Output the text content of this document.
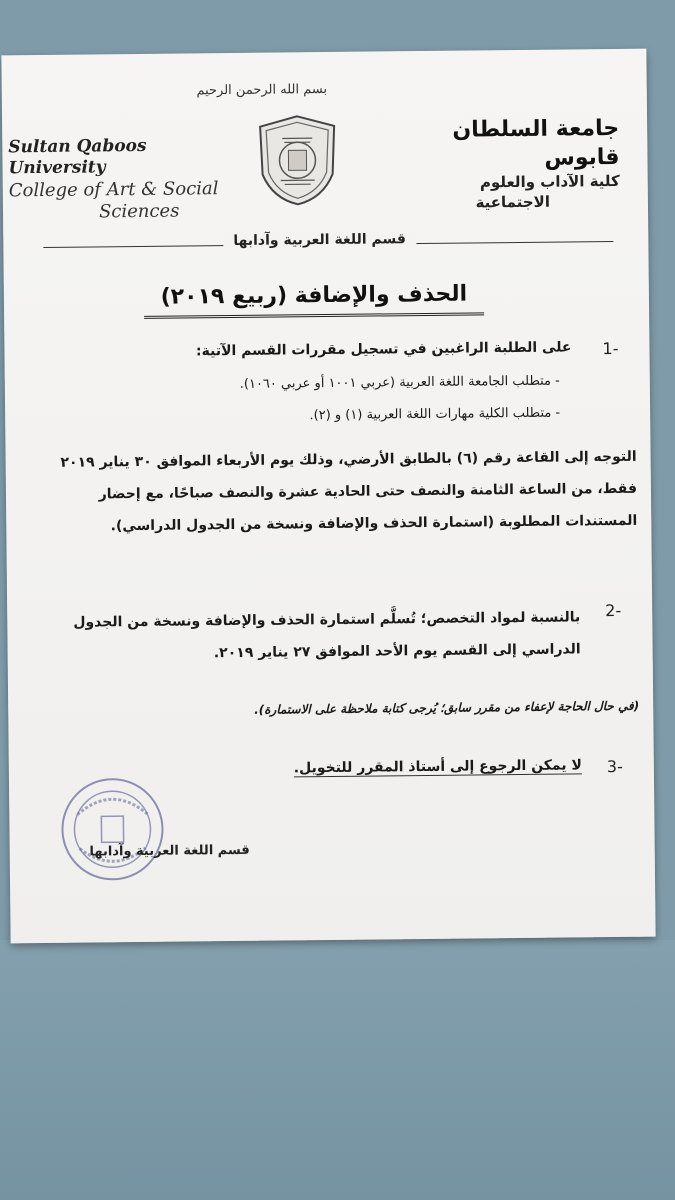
بسم الله الرحمن الرحيم
Sultan Qaboos University
College of Art & Social
Sciences
جامعة السلطان قابوس
كلية الآداب والعلوم
الاجتماعية
قسم اللغة العربية وآدابها
الحذف والإضافة (ربيع ٢٠١٩)
1-
على الطلبة الراغبين في تسجيل مقررات القسم الآتية:
- متطلب الجامعة اللغة العربية (عربي ١٠٠١ أو عربي ١٠٦٠).
- متطلب الكلية مهارات اللغة العربية (١) و (٢).
التوجه إلى القاعة رقم (٦) بالطابق الأرضي، وذلك يوم الأربعاء الموافق ٣٠ يناير ٢٠١٩ فقط، من الساعة الثامنة والنصف حتى الحادية عشرة والنصف صباحًا، مع إحضار المستندات المطلوبة (استمارة الحذف والإضافة ونسخة من الجدول الدراسي).
2-
بالنسبة لمواد التخصص؛ تُسلَّم استمارة الحذف والإضافة ونسخة من الجدول الدراسي إلى القسم يوم الأحد الموافق ٢٧ يناير ٢٠١٩.
(في حال الحاجة لإعفاء من مقرر سابق؛ يُرجى كتابة ملاحظة على الاستمارة).
3-
لا يمكن الرجوع إلى أستاذ المقرر للتخويل.
قسم اللغة العربية وآدابها
